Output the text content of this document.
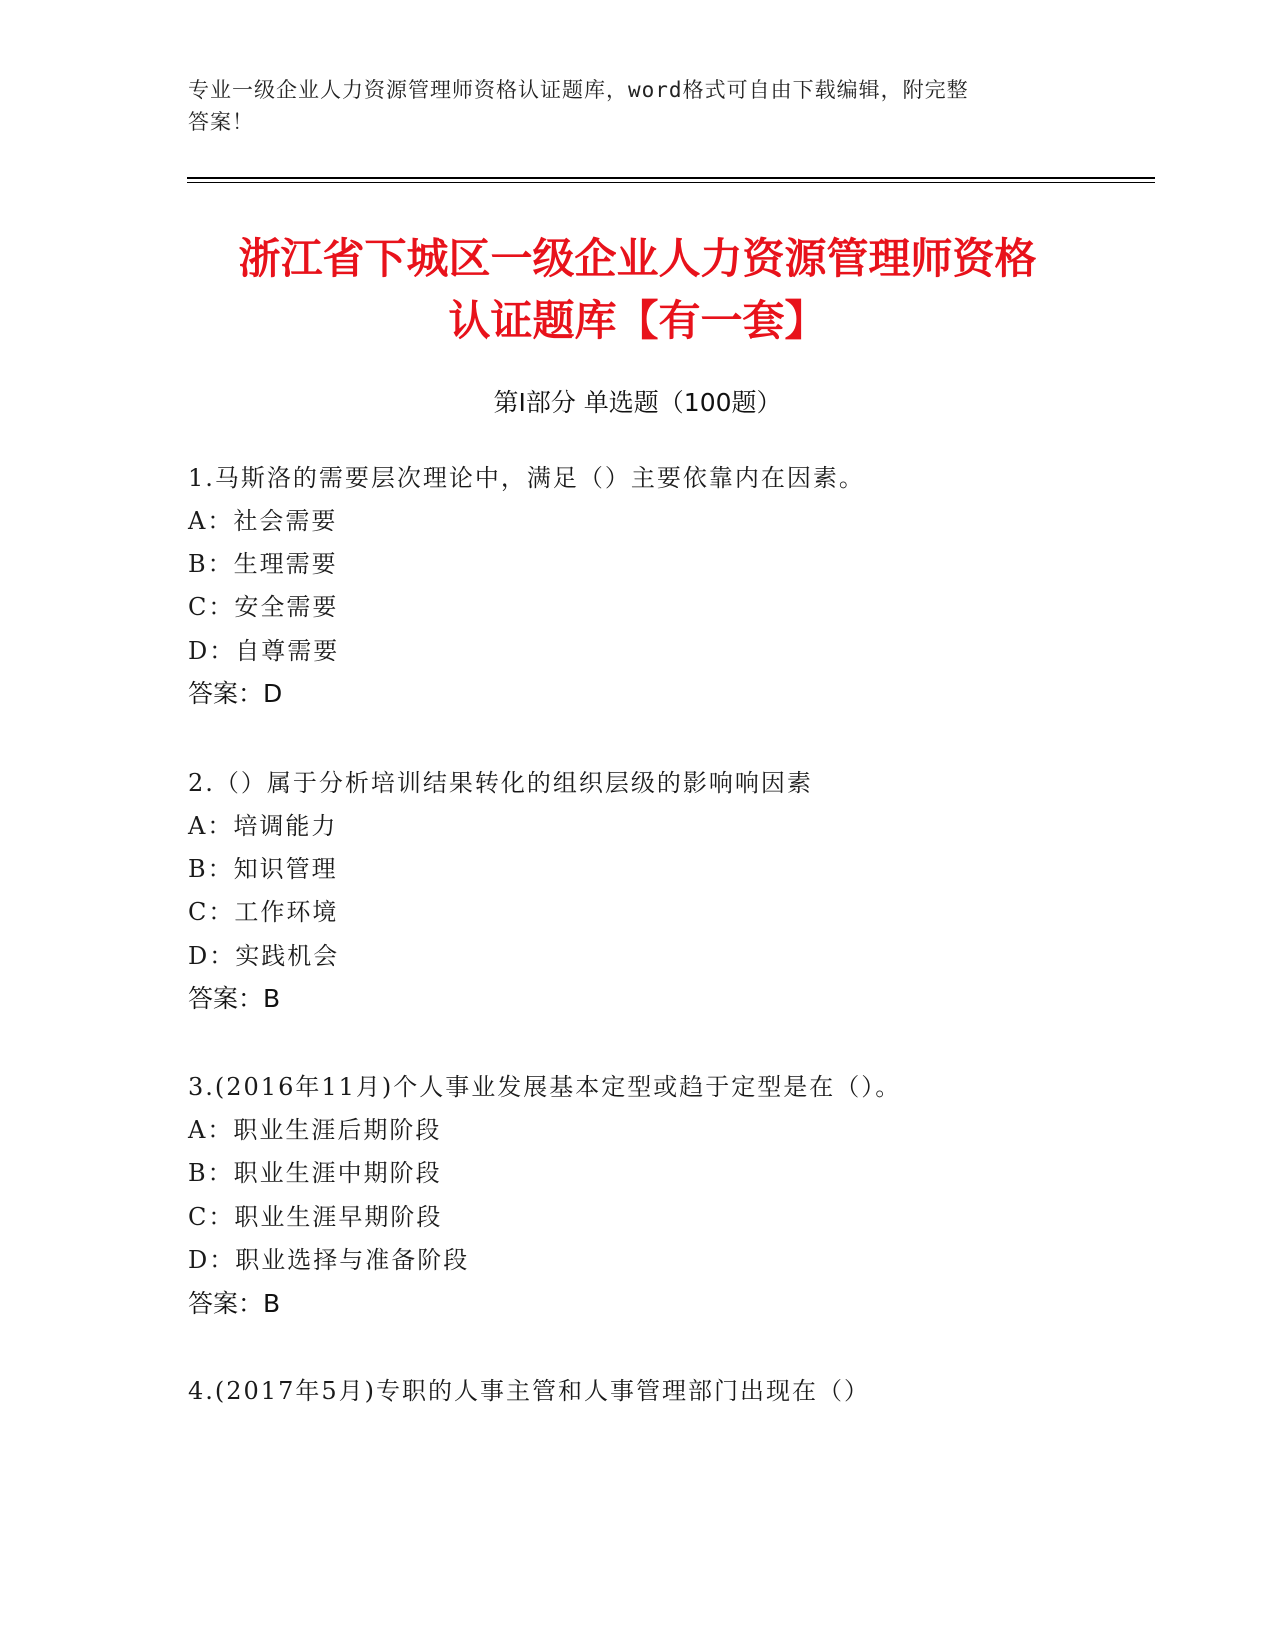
专业一级企业人力资源管理师资格认证题库，word格式可自由下载编辑，附完整
答案！
浙江省下城区一级企业人力资源管理师资格
认证题库【有一套】
第Ⅰ部分 单选题（100题）
1.马斯洛的需要层次理论中，满足（）主要依靠内在因素。
A：社会需要
B：生理需要
C：安全需要
D：自尊需要
答案：D
2.（）属于分析培训结果转化的组织层级的影响响因素
A：培调能力
B：知识管理
C：工作环境
D：实践机会
答案：B
3.(2016年11月)个人事业发展基本定型或趋于定型是在（）。
A：职业生涯后期阶段
B：职业生涯中期阶段
C：职业生涯早期阶段
D：职业选择与准备阶段
答案：B
4.(2017年5月)专职的人事主管和人事管理部门出现在（）
